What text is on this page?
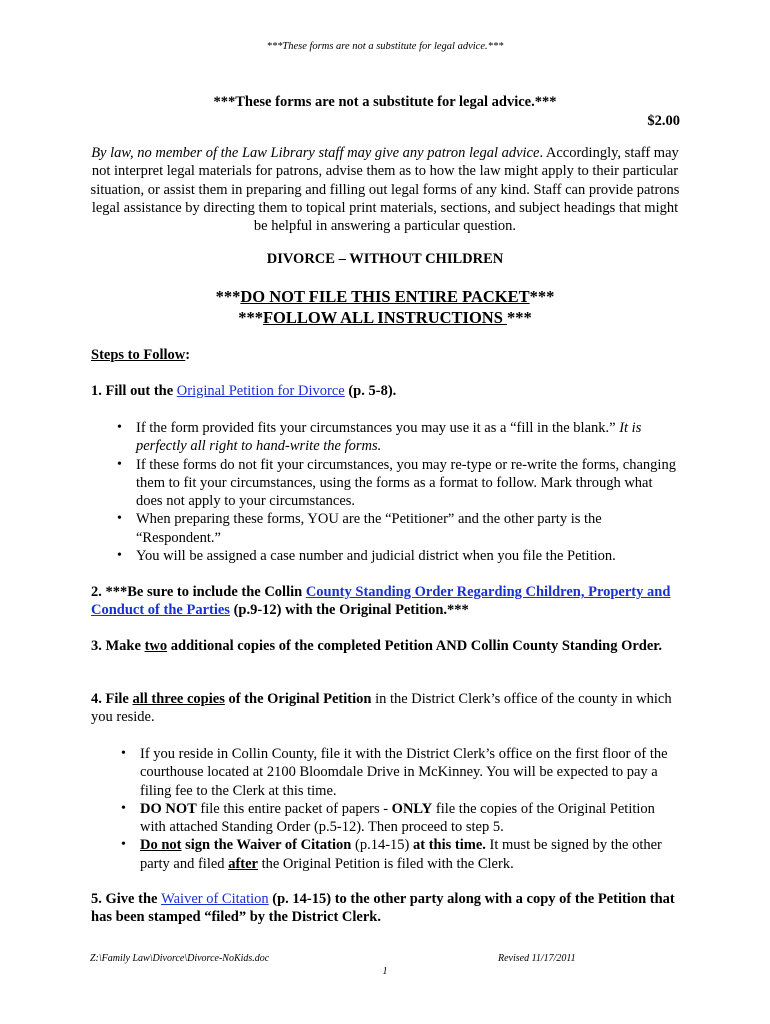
***These forms are not a substitute for legal advice.***
***These forms are not a substitute for legal advice.***
$2.00
By law, no member of the Law Library staff may give any patron legal advice. Accordingly, staff may not interpret legal materials for patrons, advise them as to how the law might apply to their particular situation, or assist them in preparing and filling out legal forms of any kind. Staff can provide patrons legal assistance by directing them to topical print materials, sections, and subject headings that might be helpful in answering a particular question.
DIVORCE – WITHOUT CHILDREN
***DO NOT FILE THIS ENTIRE PACKET***
***FOLLOW ALL INSTRUCTIONS ***
Steps to Follow:
1. Fill out the Original Petition for Divorce (p. 5-8).
• If the form provided fits your circumstances you may use it as a “fill in the blank.” It is perfectly all right to hand-write the forms.
• If these forms do not fit your circumstances, you may re-type or re-write the forms, changing them to fit your circumstances, using the forms as a format to follow. Mark through what does not apply to your circumstances.
• When preparing these forms, YOU are the “Petitioner” and the other party is the “Respondent.”
• You will be assigned a case number and judicial district when you file the Petition.
2. ***Be sure to include the Collin County Standing Order Regarding Children, Property and Conduct of the Parties (p.9-12) with the Original Petition.***
3. Make two additional copies of the completed Petition AND Collin County Standing Order.
4. File all three copies of the Original Petition in the District Clerk’s office of the county in which you reside.
• If you reside in Collin County, file it with the District Clerk’s office on the first floor of the courthouse located at 2100 Bloomdale Drive in McKinney. You will be expected to pay a filing fee to the Clerk at this time.
• DO NOT file this entire packet of papers - ONLY file the copies of the Original Petition with attached Standing Order (p.5-12). Then proceed to step 5.
• Do not sign the Waiver of Citation (p.14-15) at this time. It must be signed by the other party and filed after the Original Petition is filed with the Clerk.
5. Give the Waiver of Citation (p. 14-15) to the other party along with a copy of the Petition that has been stamped “filed” by the District Clerk.
Z:\Family Law\Divorce\Divorce-NoKids.doc	Revised 11/17/2011
1
